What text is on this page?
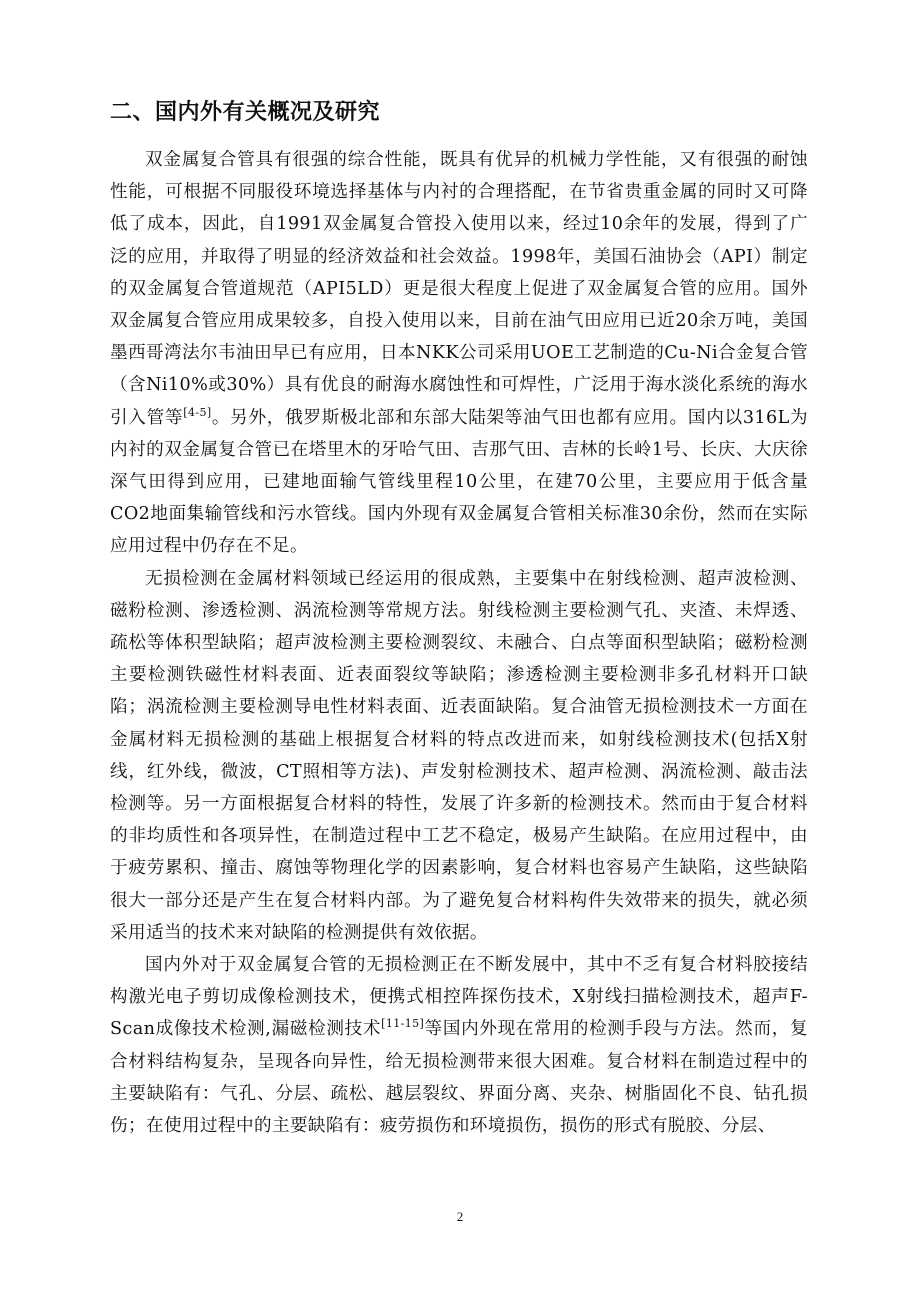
二、国内外有关概况及研究

双金属复合管具有很强的综合性能，既具有优异的机械力学性能，又有很强的耐蚀性能，可根据不同服役环境选择基体与内衬的合理搭配，在节省贵重金属的同时又可降低了成本，因此，自1991双金属复合管投入使用以来，经过10余年的发展，得到了广泛的应用，并取得了明显的经济效益和社会效益。1998年，美国石油协会（API）制定的双金属复合管道规范（API5LD）更是很大程度上促进了双金属复合管的应用。国外双金属复合管应用成果较多，自投入使用以来，目前在油气田应用已近20余万吨，美国墨西哥湾法尔韦油田早已有应用，日本NKK公司采用UOE工艺制造的Cu-Ni合金复合管（含Ni10%或30%）具有优良的耐海水腐蚀性和可焊性，广泛用于海水淡化系统的海水引入管等[4-5]。另外，俄罗斯极北部和东部大陆架等油气田也都有应用。国内以316L为内衬的双金属复合管已在塔里木的牙哈气田、吉那气田、吉林的长岭1号、长庆、大庆徐深气田得到应用，已建地面输气管线里程10公里，在建70公里，主要应用于低含量CO2地面集输管线和污水管线。国内外现有双金属复合管相关标准30余份，然而在实际应用过程中仍存在不足。

无损检测在金属材料领域已经运用的很成熟，主要集中在射线检测、超声波检测、磁粉检测、渗透检测、涡流检测等常规方法。射线检测主要检测气孔、夹渣、未焊透、疏松等体积型缺陷；超声波检测主要检测裂纹、未融合、白点等面积型缺陷；磁粉检测主要检测铁磁性材料表面、近表面裂纹等缺陷；渗透检测主要检测非多孔材料开口缺陷；涡流检测主要检测导电性材料表面、近表面缺陷。复合油管无损检测技术一方面在金属材料无损检测的基础上根据复合材料的特点改进而来，如射线检测技术(包括X射线，红外线，微波，CT照相等方法)、声发射检测技术、超声检测、涡流检测、敲击法检测等。另一方面根据复合材料的特性，发展了许多新的检测技术。然而由于复合材料的非均质性和各项异性，在制造过程中工艺不稳定，极易产生缺陷。在应用过程中，由于疲劳累积、撞击、腐蚀等物理化学的因素影响，复合材料也容易产生缺陷，这些缺陷很大一部分还是产生在复合材料内部。为了避免复合材料构件失效带来的损失，就必须采用适当的技术来对缺陷的检测提供有效依据。

国内外对于双金属复合管的无损检测正在不断发展中，其中不乏有复合材料胶接结构激光电子剪切成像检测技术，便携式相控阵探伤技术，X射线扫描检测技术，超声F-Scan成像技术检测,漏磁检测技术[11-15]等国内外现在常用的检测手段与方法。然而，复合材料结构复杂，呈现各向异性，给无损检测带来很大困难。复合材料在制造过程中的主要缺陷有：气孔、分层、疏松、越层裂纹、界面分离、夹杂、树脂固化不良、钻孔损伤；在使用过程中的主要缺陷有：疲劳损伤和环境损伤，损伤的形式有脱胶、分层、

2
